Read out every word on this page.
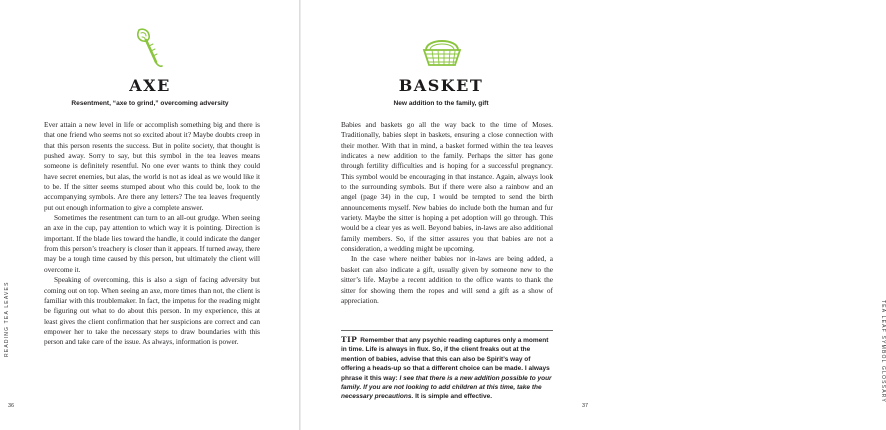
AXE
Resentment, “axe to grind,” overcoming adversity

Ever attain a new level in life or accomplish something big and there is that one friend who seems not so excited about it? Maybe doubts creep in that this person resents the success. But in polite society, that thought is pushed away. Sorry to say, but this symbol in the tea leaves means someone is definitely resentful. No one ever wants to think they could have secret enemies, but alas, the world is not as ideal as we would like it to be. If the sitter seems stumped about who this could be, look to the accompanying symbols. Are there any letters? The tea leaves frequently put out enough information to give a complete answer.

Sometimes the resentment can turn to an all-out grudge. When seeing an axe in the cup, pay attention to which way it is pointing. Direction is important. If the blade lies toward the handle, it could indicate the danger from this person’s treachery is closer than it appears. If turned away, there may be a tough time caused by this person, but ultimately the client will overcome it.

Speaking of overcoming, this is also a sign of facing adversity but coming out on top. When seeing an axe, more times than not, the client is familiar with this troublemaker. In fact, the impetus for the reading might be figuring out what to do about this person. In my experience, this at least gives the client confirmation that her suspicions are correct and can empower her to take the necessary steps to draw boundaries with this person and take care of the issue. As always, information is power.

READING TEA LEAVES
36
BASKET
New addition to the family, gift

Babies and baskets go all the way back to the time of Moses. Traditionally, babies slept in baskets, ensuring a close connection with their mother. With that in mind, a basket formed within the tea leaves indicates a new addition to the family. Perhaps the sitter has gone through fertility difficulties and is hoping for a successful pregnancy. This symbol would be encouraging in that instance. Again, always look to the surrounding symbols. But if there were also a rainbow and an angel (page 34) in the cup, I would be tempted to send the birth announcements myself. New babies do include both the human and fur variety. Maybe the sitter is hoping a pet adoption will go through. This would be a clear yes as well. Beyond babies, in-laws are also additional family members. So, if the sitter assures you that babies are not a consideration, a wedding might be upcoming.

In the case where neither babies nor in-laws are being added, a basket can also indicate a gift, usually given by someone new to the sitter’s life. Maybe a recent addition to the office wants to thank the sitter for showing them the ropes and will send a gift as a show of appreciation.

TIP Remember that any psychic reading captures only a moment in time. Life is always in flux. So, if the client freaks out at the mention of babies, advise that this can also be Spirit’s way of offering a heads-up so that a different choice can be made. I always phrase it this way: I see that there is a new addition possible to your family. If you are not looking to add children at this time, take the necessary precautions. It is simple and effective.	TEA LEAF SYMBOL GLOSSARY
37
